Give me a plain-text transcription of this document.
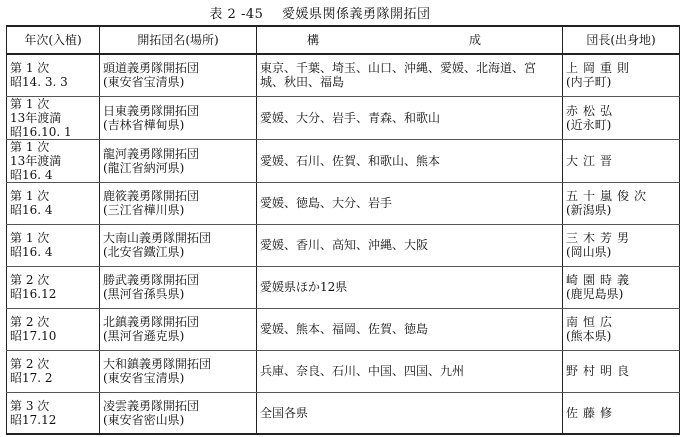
表 2 -45 愛媛県関係義勇隊開拓団
年次(入植)	開拓団名(場所)	構 成	団長(出身地)

第 1 次
昭14. 3. 3	頭道義勇隊開拓団
(東安省宝清県)	東京、千葉、埼玉、山口、沖縄、愛媛、北海道、宮城、秋田、福島	上岡重則
(内子町)

第 1 次
13年渡満
昭16.10. 1	日東義勇隊開拓団
(吉林省樺甸県)	愛媛、大分、岩手、青森、和歌山	赤松弘
(近永町)

第 1 次
13年渡満
昭16. 4	龍河義勇隊開拓団
(龍江省納河県)	愛媛、石川、佐賀、和歌山、熊本	大江晋

第 1 次
昭16. 4	鹿筱義勇隊開拓団
(三江省樺川県)	愛媛、徳島、大分、岩手	五十嵐俊次
(新潟県)

第 1 次
昭16. 4	大南山義勇隊開拓団
(北安省鐵江県)	愛媛、香川、高知、沖縄、大阪	三木芳男
(岡山県)

第 2 次
昭16.12	勝武義勇隊開拓団
(黒河省孫呉県)	愛媛県ほか12県	崎園時義
(鹿児島県)

第 2 次
昭17.10	北鎮義勇隊開拓団
(黒河省遜克県)	愛媛、熊本、福岡、佐賀、徳島	南恒広
(熊本県)

第 2 次
昭17. 2	大和鎮義勇隊開拓団
(東安省宝清県)	兵庫、奈良、石川、中国、四国、九州	野村明良

第 3 次
昭17.12	凌雲義勇隊開拓団
(東安省密山県)	全国各県	佐藤修
